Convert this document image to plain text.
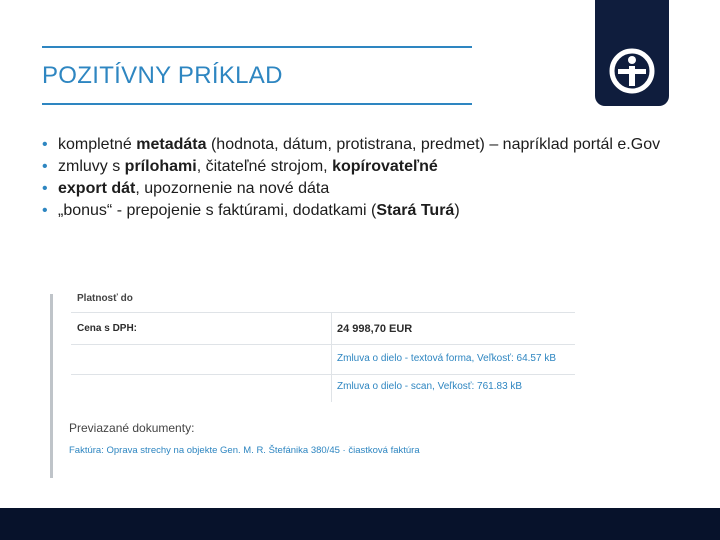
POZITÍVNY PRÍKLAD
• kompletné metadáta (hodnota, dátum, protistrana, predmet) – napríklad portál e.Gov
• zmluvy s prílohami, čitateľné strojom, kopírovateľné
• export dát, upozornenie na nové dáta
• „bonus“ - prepojenie s faktúrami, dodatkami (Stará Turá)
Platnosť do
Cena s DPH:	24 998,70 EUR
Zmluva o dielo - textová forma, Veľkosť: 64.57 kB
Zmluva o dielo - scan, Veľkosť: 761.83 kB
Previazané dokumenty:
Faktúra: Oprava strechy na objekte Gen. M. R. Štefánika 380/45 · čiastková faktúra
